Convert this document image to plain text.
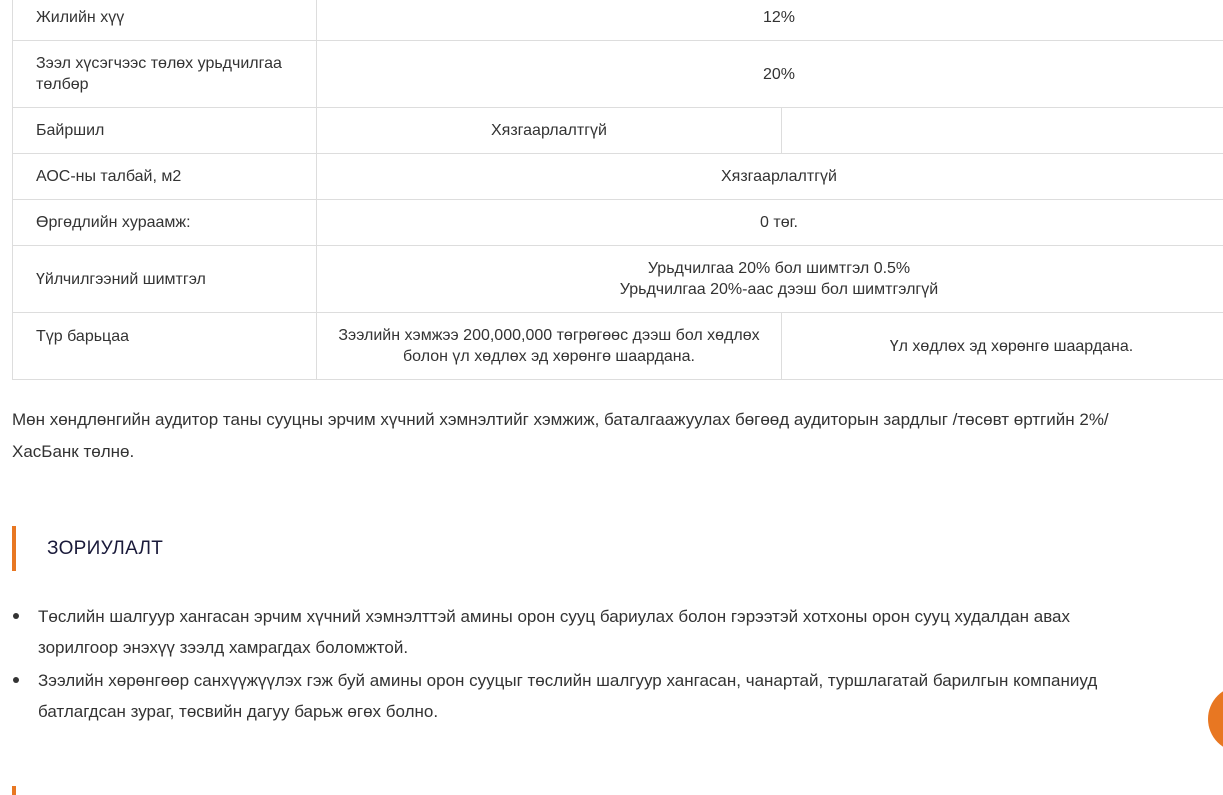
Жилийн хүү	12%	
Зээл хүсэгчээс төлөх урьдчилгаа төлбөр	20%	
Байршил	Хязгаарлалтгүй	
АОС-ны талбай, м2	Хязгаарлалтгүй	
Өргөдлийн хураамж:	0 төг.	
Үйлчилгээний шимтгэл	Урьдчилгаа 20% бол шимтгэл 0.5%
Урьдчилгаа 20%-аас дээш бол шимтгэлгүй	

Түр барьцаа	Зээлийн хэмжээ 200,000,000 төгрөгөөс дээш бол хөдлөх болон үл хөдлөх эд хөрөнгө шаардана.	Үл хөдлөх эд хөрөнгө шаардана.
Мөн хөндлөнгийн аудитор таны сууцны эрчим хүчний хэмнэлтийг хэмжиж, баталгаажуулах бөгөөд аудиторын зардлыг /төсөвт өртгийн 2%/
ХасБанк төлнө.
ЗОРИУЛАЛТ
Төслийн шалгуур хангасан эрчим хүчний хэмнэлттэй амины орон сууц бариулах болон гэрээтэй хотхоны орон сууц худалдан авах
зорилгоор энэхүү зээлд хамрагдах боломжтой.
Зээлийн хөрөнгөөр санхүүжүүлэх гэж буй амины орон сууцыг төслийн шалгуур хангасан, чанартай, туршлагатай барилгын компаниуд
батлагдсан зураг, төсвийн дагуу барьж өгөх болно.
